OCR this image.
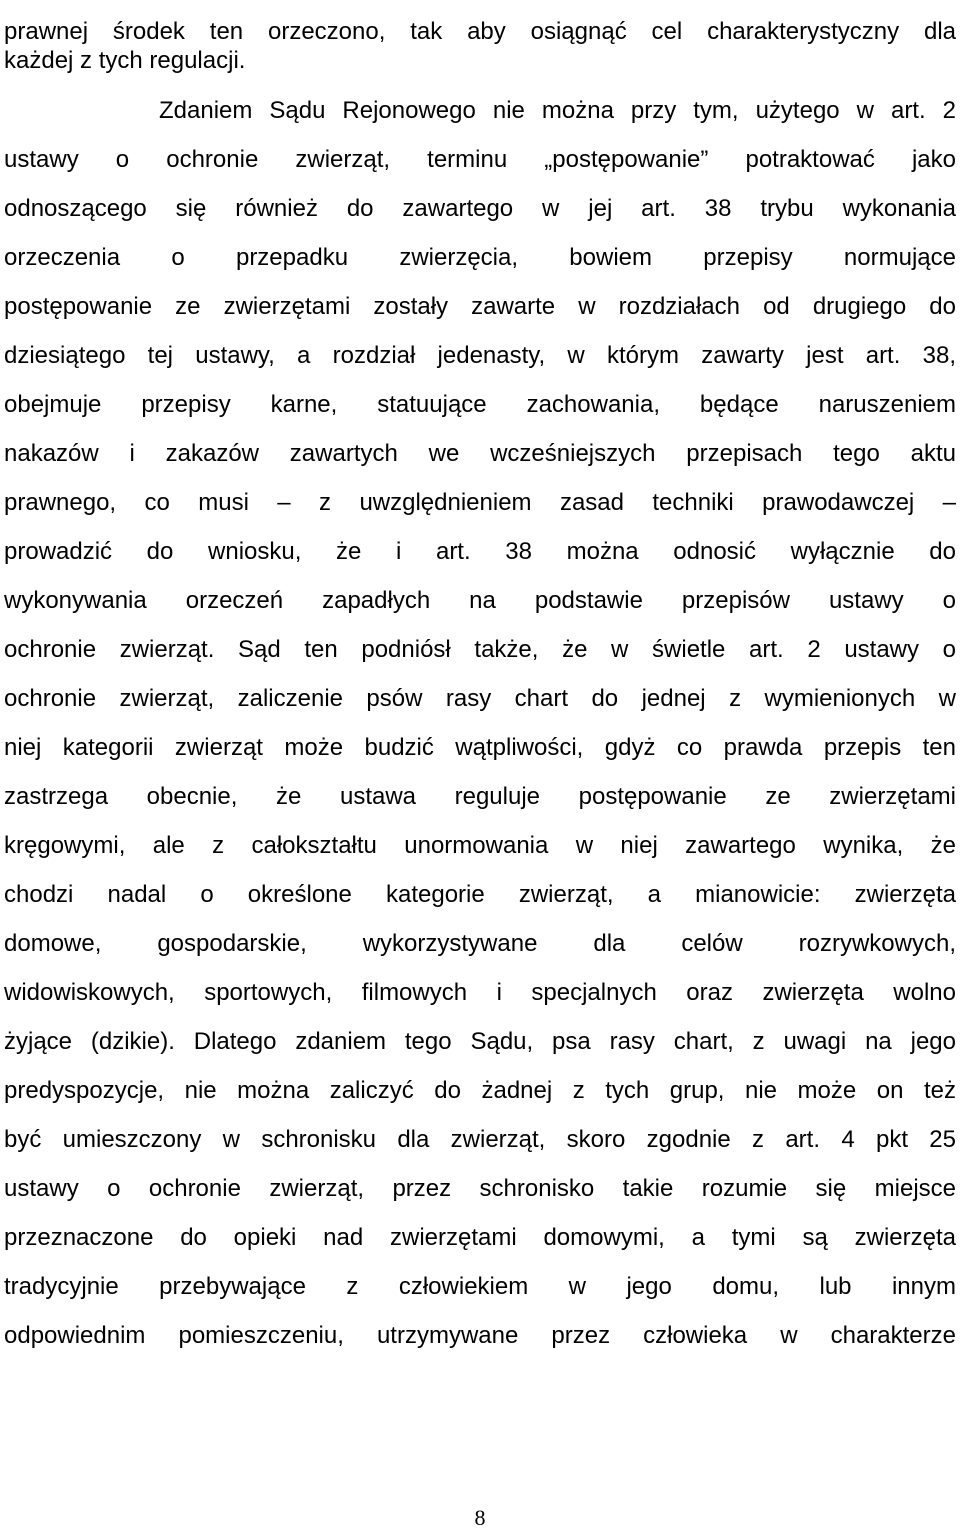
prawnej środek ten orzeczono, tak aby osiągnąć cel charakterystyczny dla
każdej z tych regulacji.
Zdaniem Sądu Rejonowego nie można przy tym, użytego w art. 2
ustawy o ochronie zwierząt, terminu „postępowanie” potraktować jako
odnoszącego się również do zawartego w jej art. 38 trybu wykonania
orzeczenia o przepadku zwierzęcia, bowiem przepisy normujące
postępowanie ze zwierzętami zostały zawarte w rozdziałach od drugiego do
dziesiątego tej ustawy, a rozdział jedenasty, w którym zawarty jest art. 38,
obejmuje przepisy karne, statuujące zachowania, będące naruszeniem
nakazów i zakazów zawartych we wcześniejszych przepisach tego aktu
prawnego, co musi – z uwzględnieniem zasad techniki prawodawczej –
prowadzić do wniosku, że i art. 38 można odnosić wyłącznie do
wykonywania orzeczeń zapadłych na podstawie przepisów ustawy o
ochronie zwierząt. Sąd ten podniósł także, że w świetle art. 2 ustawy o
ochronie zwierząt, zaliczenie psów rasy chart do jednej z wymienionych w
niej kategorii zwierząt może budzić wątpliwości, gdyż co prawda przepis ten
zastrzega obecnie, że ustawa reguluje postępowanie ze zwierzętami
kręgowymi, ale z całokształtu unormowania w niej zawartego wynika, że
chodzi nadal o określone kategorie zwierząt, a mianowicie: zwierzęta
domowe, gospodarskie, wykorzystywane dla celów rozrywkowych,
widowiskowych, sportowych, filmowych i specjalnych oraz zwierzęta wolno
żyjące (dzikie). Dlatego zdaniem tego Sądu, psa rasy chart, z uwagi na jego
predyspozycje, nie można zaliczyć do żadnej z tych grup, nie może on też
być umieszczony w schronisku dla zwierząt, skoro zgodnie z art. 4 pkt 25
ustawy o ochronie zwierząt, przez schronisko takie rozumie się miejsce
przeznaczone do opieki nad zwierzętami domowymi, a tymi są zwierzęta
tradycyjnie przebywające z człowiekiem w jego domu, lub innym
odpowiednim pomieszczeniu, utrzymywane przez człowieka w charakterze
8
